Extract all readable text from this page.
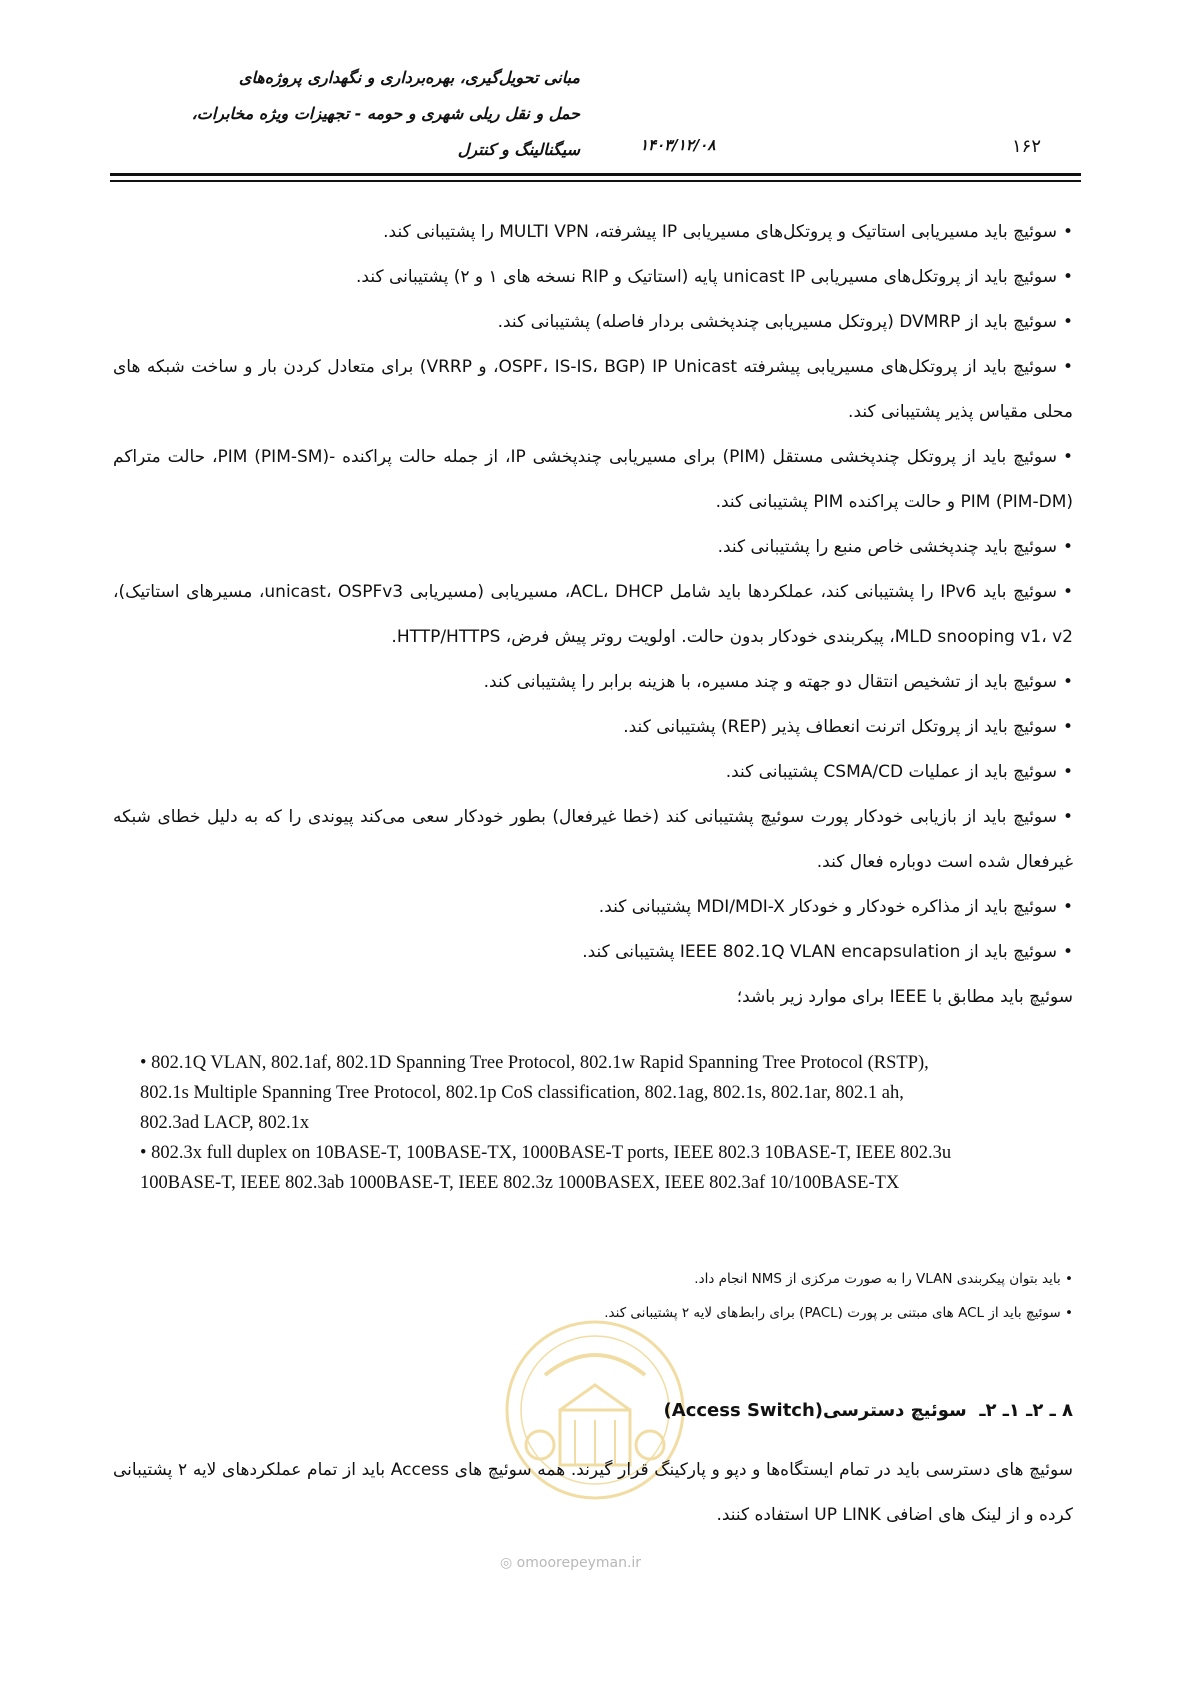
مبانی تحویل‌گیری، بهره‌برداری و نگهداری پروژه‌های
حمل و نقل ریلی شهری و حومه - تجهیزات ویژه مخابرات،
سیگنالینگ و کنترل	۱۴۰۳/۱۲/۰۸	۱۶۲
•سوئیچ باید مسیریابی استاتیک و پروتکل‌های مسیریابی IP پیشرفته، MULTI VPN را پشتیبانی کند.
•سوئیچ باید از پروتکل‌های مسیریابی unicast IP پایه (استاتیک و RIP نسخه های ۱ و ۲) پشتیبانی کند.
•سوئیچ باید از DVMRP (پروتکل مسیریابی چندپخشی بردار فاصله) پشتیبانی کند.
•سوئیچ باید از پروتکل‌های مسیریابی پیشرفته IP Unicast (OSPF، IS-IS، BGP، و VRRP) برای متعادل کردن بار و ساخت شبکه های محلی مقیاس پذیر پشتیبانی کند.
•سوئیچ باید از پروتکل چندپخشی مستقل (PIM) برای مسیریابی چندپخشی IP، از جمله حالت پراکنده -PIM (PIM-SM)، حالت متراکم (PIM-DM) PIM و حالت پراکنده PIM پشتیبانی کند.
•سوئیچ باید چندپخشی خاص منبع را پشتیبانی کند.
•سوئیچ باید IPv6 را پشتیبانی کند، عملکردها باید شامل ACL، DHCP، مسیریابی (مسیریابی unicast، OSPFv3، مسیرهای استاتیک)، MLD snooping v1، v2، پیکربندی خودکار بدون حالت. اولویت روتر پیش فرض، HTTP/HTTPS.
•سوئیچ باید از تشخیص انتقال دو جهته و چند مسیره، با هزینه برابر را پشتیبانی کند.
•سوئیچ باید از پروتکل اترنت انعطاف پذیر (REP) پشتیبانی کند.
•سوئیچ باید از عملیات CSMA/CD پشتیبانی کند.
•سوئیچ باید از بازیابی خودکار پورت سوئیچ پشتیبانی کند (خطا غیرفعال) بطور خودکار سعی می‌کند پیوندی را که به دلیل خطای شبکه غیرفعال شده است دوباره فعال کند.
•سوئیچ باید از مذاکره خودکار و خودکار MDI/MDI-X پشتیبانی کند.
•سوئیچ باید از IEEE 802.1Q VLAN encapsulation پشتیبانی کند.
سوئیچ باید مطابق با IEEE برای موارد زیر باشد؛

• 802.1Q VLAN, 802.1af, 802.1D Spanning Tree Protocol, 802.1w Rapid Spanning Tree Protocol (RSTP), 802.1s Multiple Spanning Tree Protocol, 802.1p CoS classification, 802.1ag, 802.1s, 802.1ar, 802.1 ah, 802.3ad LACP, 802.1x

• 802.3x full duplex on 10BASE-T, 100BASE-TX, 1000BASE-T ports, IEEE 802.3 10BASE-T, IEEE 802.3u 100BASE-T, IEEE 802.3ab 1000BASE-T, IEEE 802.3z 1000BASEX, IEEE 802.3af 10/100BASE-TX

• باید بتوان پیکربندی VLAN را به صورت مرکزی از NMS انجام داد.
• سوئیچ باید از ACL های مبتنی بر پورت (PACL) برای رابط‌های لایه ۲ پشتیبانی کند.
◎ omoorepeyman.ir
۸ ـ ۲ـ ۱ـ ۲ـ  سوئیچ دسترسی(Access Switch)
سوئیچ های دسترسی باید در تمام ایستگاه‌ها و دپو و پارکینگ قرار گیرند. همه سوئیچ های Access باید از تمام عملکردهای لایه ۲ پشتیبانی کرده و از لینک های اضافی UP LINK استفاده کنند.
